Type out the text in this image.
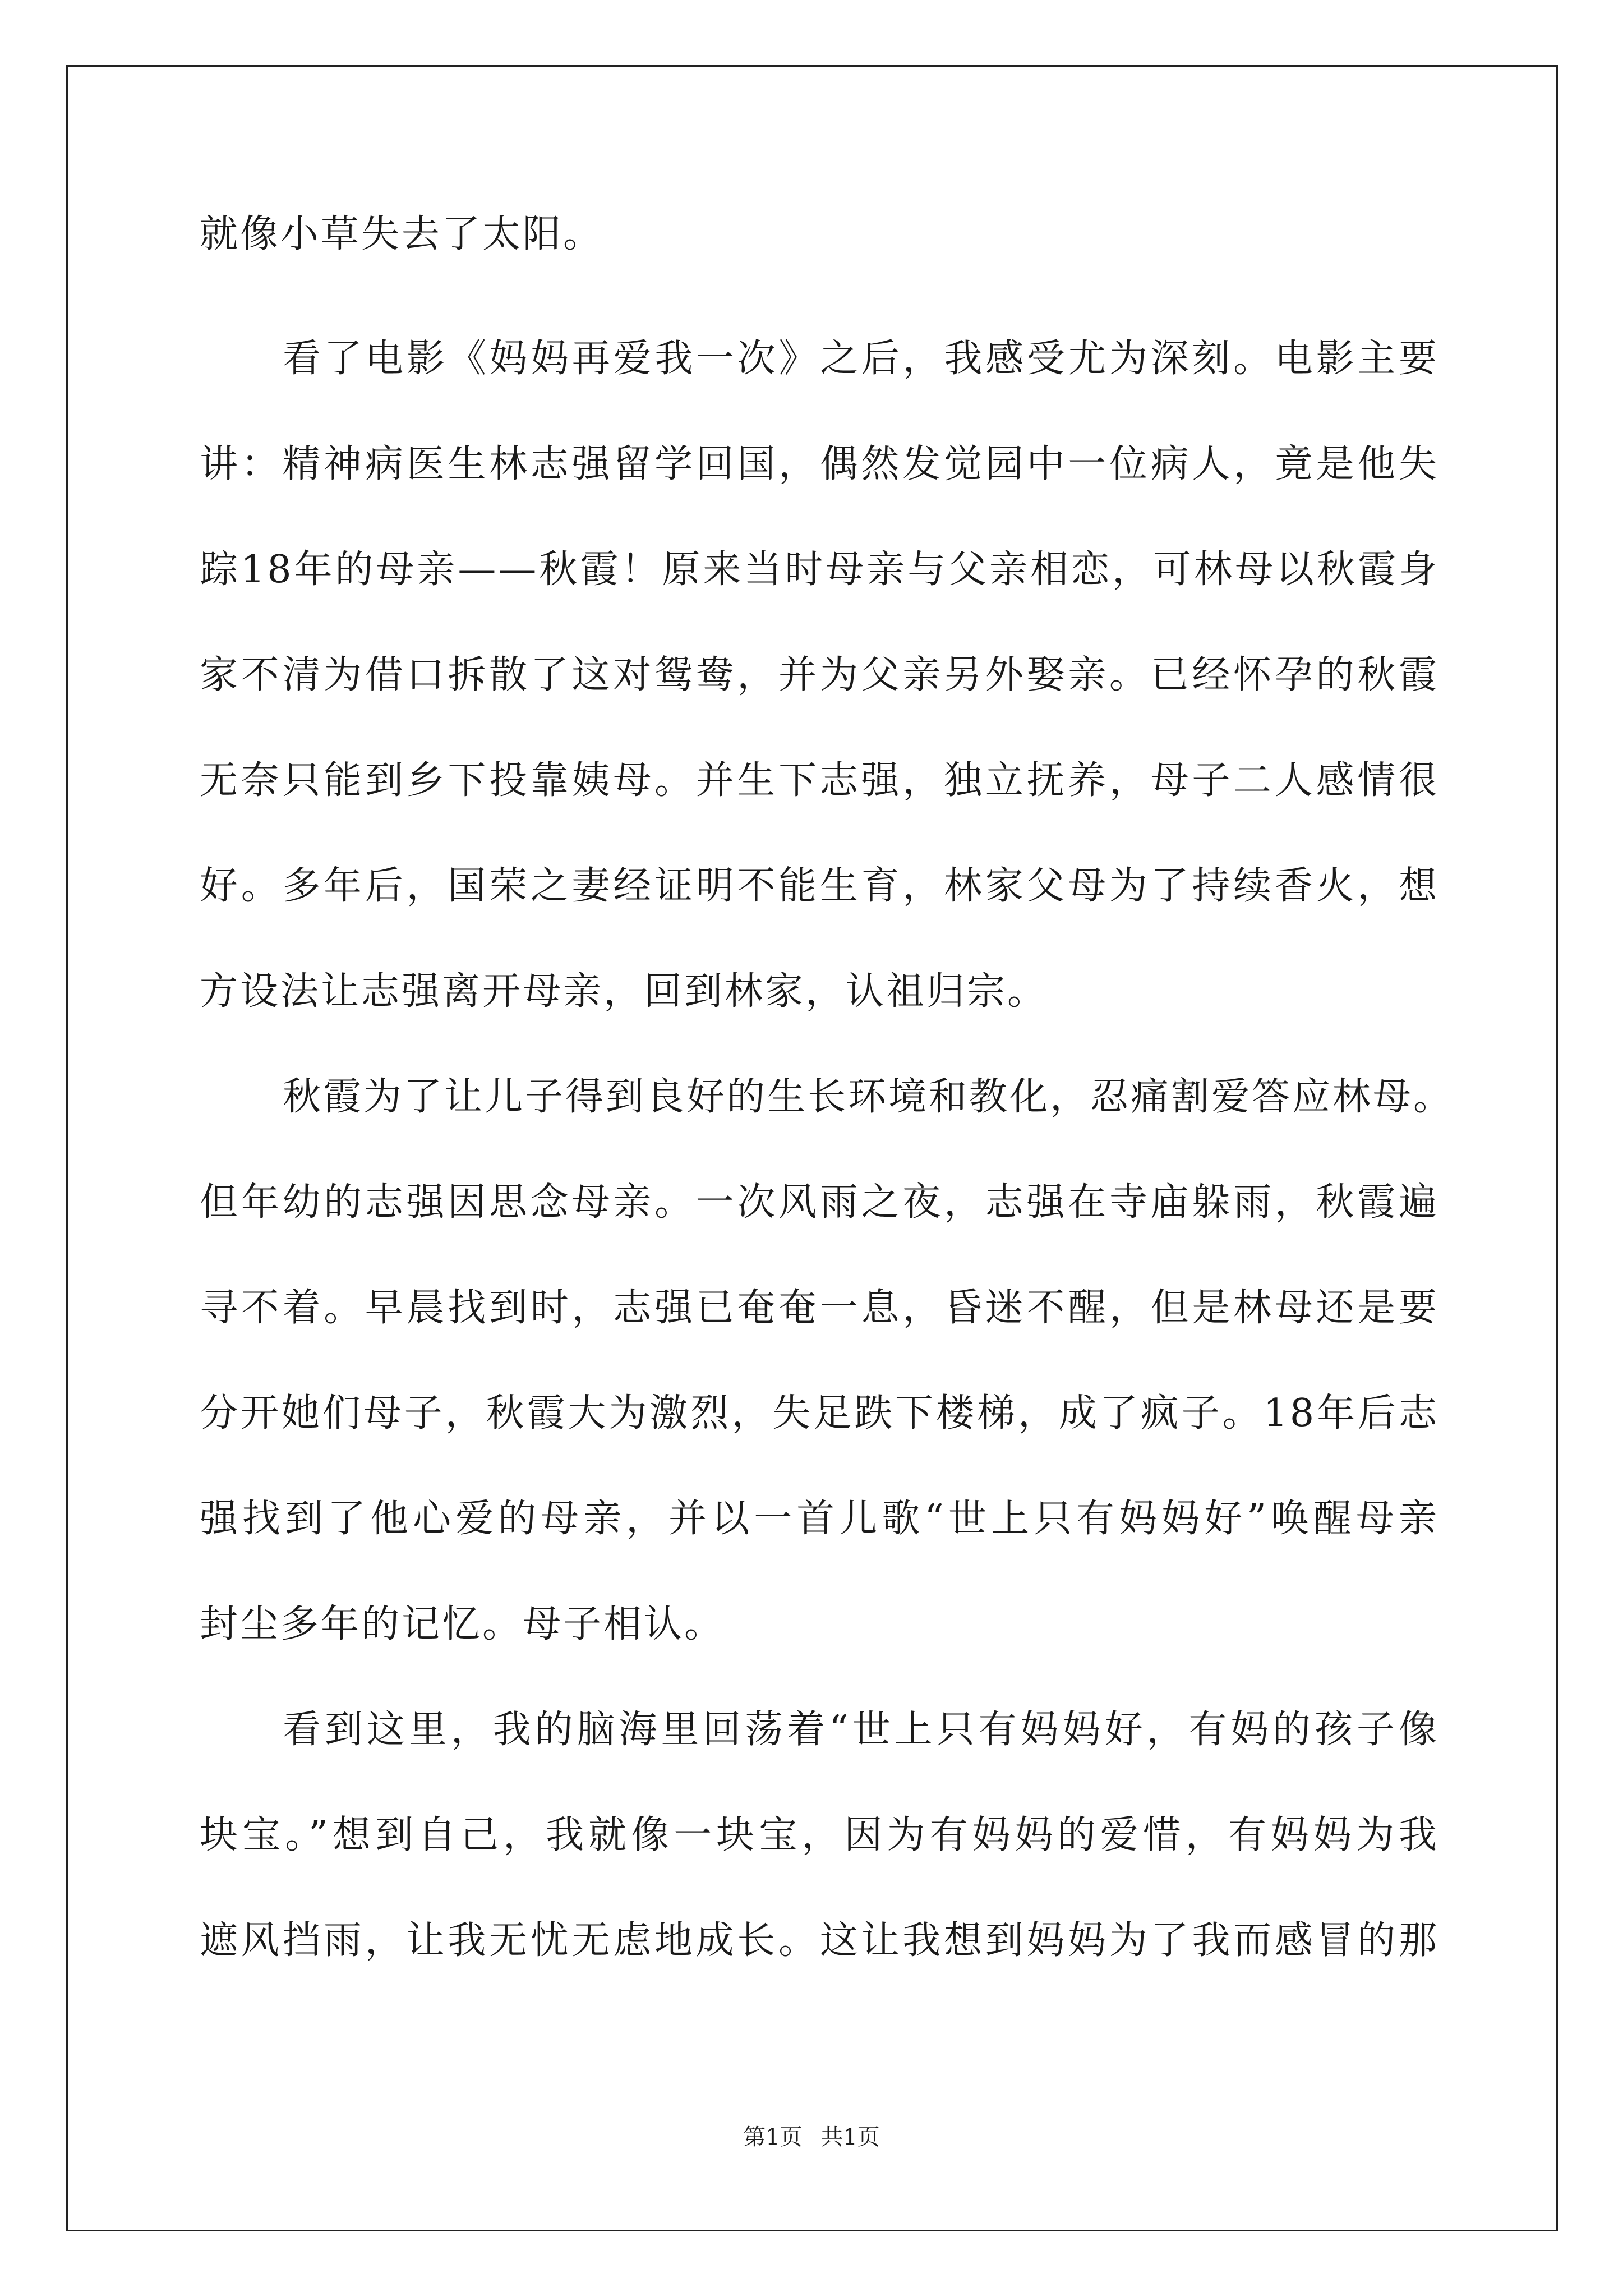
就像小草失去了太阳。
看了电影《妈妈再爱我一次》之后，我感受尤为深刻。电影主要
讲：精神病医生林志强留学回国，偶然发觉园中一位病人，竟是他失
踪18年的母亲——秋霞！原来当时母亲与父亲相恋，可林母以秋霞身
家不清为借口拆散了这对鸳鸯，并为父亲另外娶亲。已经怀孕的秋霞
无奈只能到乡下投靠姨母。并生下志强，独立抚养，母子二人感情很
好。多年后，国荣之妻经证明不能生育，林家父母为了持续香火，想
方设法让志强离开母亲，回到林家，认祖归宗。
秋霞为了让儿子得到良好的生长环境和教化，忍痛割爱答应林母。
但年幼的志强因思念母亲。一次风雨之夜，志强在寺庙躲雨，秋霞遍
寻不着。早晨找到时，志强已奄奄一息，昏迷不醒，但是林母还是要
分开她们母子，秋霞大为激烈，失足跌下楼梯，成了疯子。18年后志
强找到了他心爱的母亲，并以一首儿歌“世上只有妈妈好”唤醒母亲
封尘多年的记忆。母子相认。
看到这里，我的脑海里回荡着“世上只有妈妈好，有妈的孩子像
块宝。”想到自己，我就像一块宝，因为有妈妈的爱惜，有妈妈为我
遮风挡雨，让我无忧无虑地成长。这让我想到妈妈为了我而感冒的那
第1页 共1页
